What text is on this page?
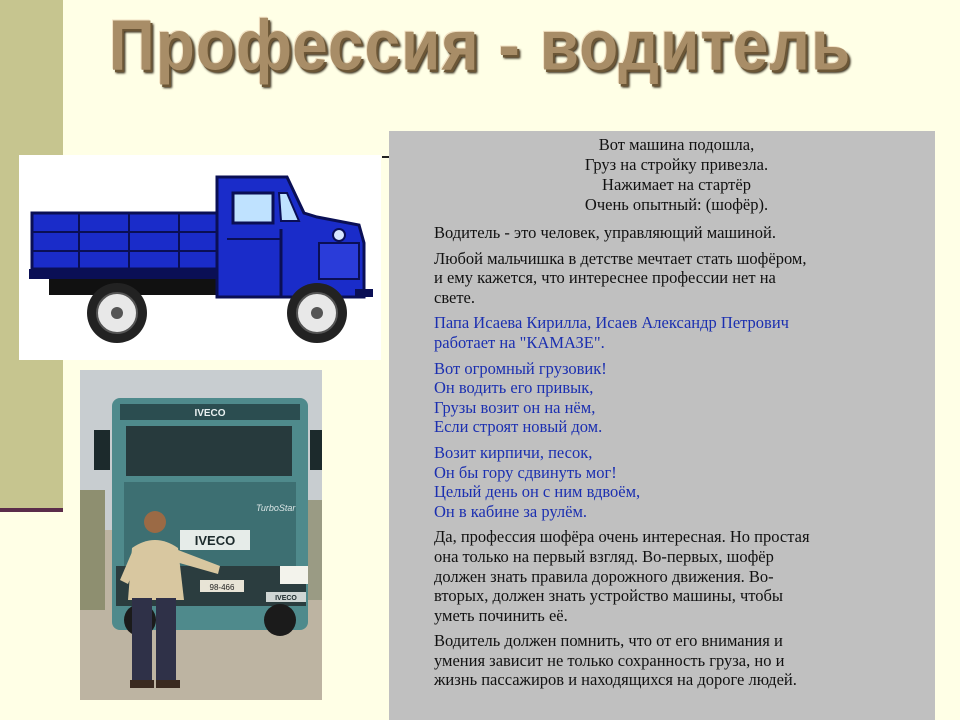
Профессия - водитель
IVECO
IVECO
TurboStar
98-466
IVECO
Вот машина подошла,
Груз на стройку привезла.
Нажимает на стартёр
Очень опытный: (шофёр).
Водитель - это человек, управляющий машиной.
Любой мальчишка в детстве мечтает стать шофёром,
и ему кажется, что интереснее профессии нет на
свете.
Папа Исаева Кирилла, Исаев Александр Петрович
работает на "КАМАЗЕ".
Вот огромный грузовик!
Он водить его привык,
Грузы возит он на нём,
Если строят новый дом.
Возит кирпичи, песок,
Он бы гору сдвинуть мог!
Целый день он с ним вдвоём,
Он в кабине за рулём.
Да, профессия шофёра очень интересная. Но простая
она только на первый взгляд. Во-первых, шофёр
должен знать правила дорожного движения. Во-
вторых, должен знать устройство машины, чтобы
уметь починить её.
Водитель должен помнить, что от его внимания и
умения зависит не только сохранность груза, но и
жизнь пассажиров и находящихся на дороге людей.
